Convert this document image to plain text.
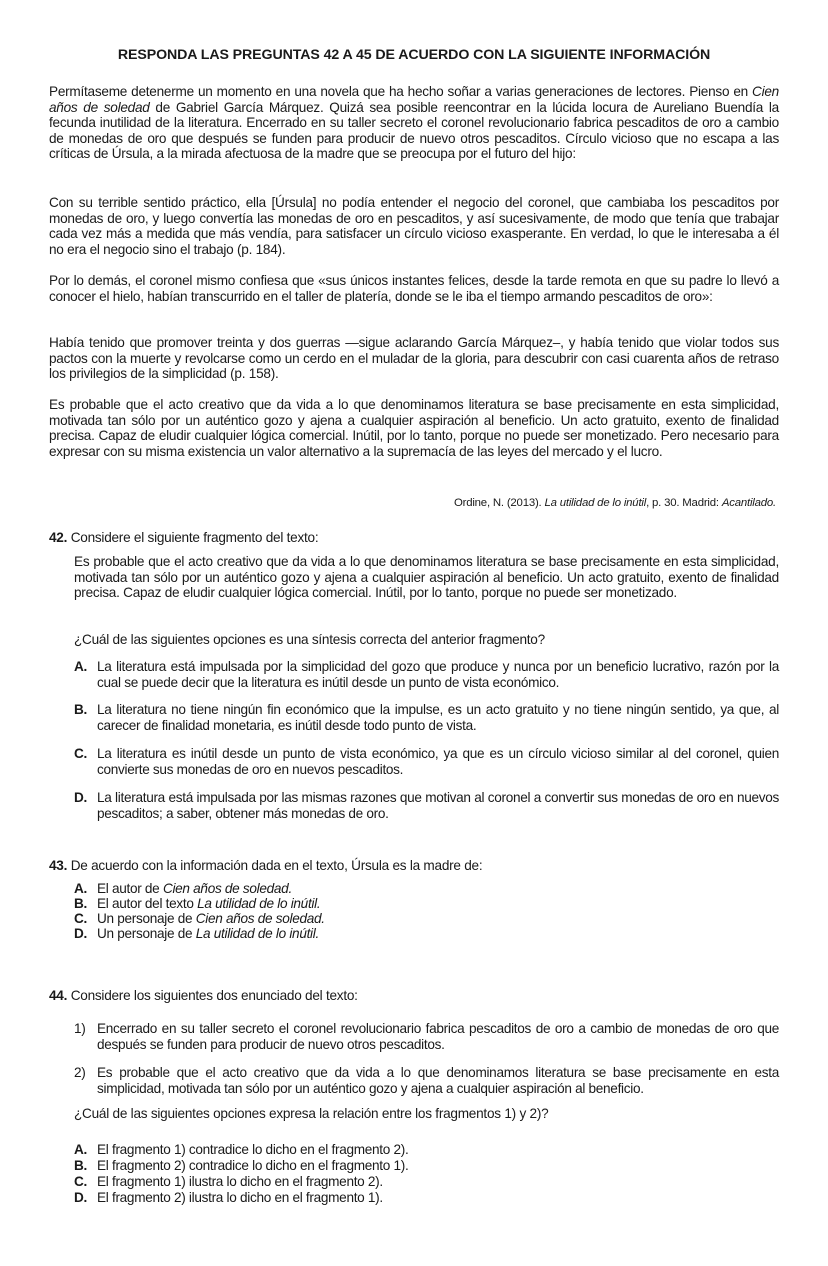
RESPONDA LAS PREGUNTAS 42 A 45 DE ACUERDO CON LA SIGUIENTE INFORMACIÓN
Permítaseme detenerme un momento en una novela que ha hecho soñar a varias generaciones de lectores. Pienso en Cien años de soledad de Gabriel García Márquez. Quizá sea posible reencontrar en la lúcida locura de Aureliano Buendía la fecunda inutilidad de la literatura. Encerrado en su taller secreto el coronel revolucionario fabrica pescaditos de oro a cambio de monedas de oro que después se funden para producir de nuevo otros pescaditos. Círculo vicioso que no escapa a las críticas de Úrsula, a la mirada afectuosa de la madre que se preocupa por el futuro del hijo:
Con su terrible sentido práctico, ella [Úrsula] no podía entender el negocio del coronel, que cambiaba los pescaditos por monedas de oro, y luego convertía las monedas de oro en pescaditos, y así sucesivamente, de modo que tenía que trabajar cada vez más a medida que más vendía, para satisfacer un círculo vicioso exasperante. En verdad, lo que le interesaba a él no era el negocio sino el trabajo (p. 184).
Por lo demás, el coronel mismo confiesa que «sus únicos instantes felices, desde la tarde remota en que su padre lo llevó a conocer el hielo, habían transcurrido en el taller de platería, donde se le iba el tiempo armando pescaditos de oro»:
Había tenido que promover treinta y dos guerras —sigue aclarando García Márquez–, y había tenido que violar todos sus pactos con la muerte y revolcarse como un cerdo en el muladar de la gloria, para descubrir con casi cuarenta años de retraso los privilegios de la simplicidad (p. 158).
Es probable que el acto creativo que da vida a lo que denominamos literatura se base precisamente en esta simplicidad, motivada tan sólo por un auténtico gozo y ajena a cualquier aspiración al beneficio. Un acto gratuito, exento de finalidad precisa. Capaz de eludir cualquier lógica comercial. Inútil, por lo tanto, porque no puede ser monetizado. Pero necesario para expresar con su misma existencia un valor alternativo a la supremacía de las leyes del mercado y el lucro.
Ordine, N. (2013). La utilidad de lo inútil, p. 30. Madrid: Acantilado.
42. Considere el siguiente fragmento del texto:
Es probable que el acto creativo que da vida a lo que denominamos literatura se base precisamente en esta simplicidad, motivada tan sólo por un auténtico gozo y ajena a cualquier aspiración al beneficio. Un acto gratuito, exento de finalidad precisa. Capaz de eludir cualquier lógica comercial. Inútil, por lo tanto, porque no puede ser monetizado.
¿Cuál de las siguientes opciones es una síntesis correcta del anterior fragmento?
A. La literatura está impulsada por la simplicidad del gozo que produce y nunca por un beneficio lucrativo, razón por la cual se puede decir que la literatura es inútil desde un punto de vista económico.
B. La literatura no tiene ningún fin económico que la impulse, es un acto gratuito y no tiene ningún sentido, ya que, al carecer de finalidad monetaria, es inútil desde todo punto de vista.
C. La literatura es inútil desde un punto de vista económico, ya que es un círculo vicioso similar al del coronel, quien convierte sus monedas de oro en nuevos pescaditos.
D. La literatura está impulsada por las mismas razones que motivan al coronel a convertir sus monedas de oro en nuevos pescaditos; a saber, obtener más monedas de oro.
43. De acuerdo con la información dada en el texto, Úrsula es la madre de:
A. El autor de Cien años de soledad.
B. El autor del texto La utilidad de lo inútil.
C. Un personaje de Cien años de soledad.
D. Un personaje de La utilidad de lo inútil.
44. Considere los siguientes dos enunciado del texto:
1) Encerrado en su taller secreto el coronel revolucionario fabrica pescaditos de oro a cambio de monedas de oro que después se funden para producir de nuevo otros pescaditos.
2) Es probable que el acto creativo que da vida a lo que denominamos literatura se base precisamente en esta simplicidad, motivada tan sólo por un auténtico gozo y ajena a cualquier aspiración al beneficio.
¿Cuál de las siguientes opciones expresa la relación entre los fragmentos 1) y 2)?
A. El fragmento 1) contradice lo dicho en el fragmento 2).
B. El fragmento 2) contradice lo dicho en el fragmento 1).
C. El fragmento 1) ilustra lo dicho en el fragmento 2).
D. El fragmento 2) ilustra lo dicho en el fragmento 1).
